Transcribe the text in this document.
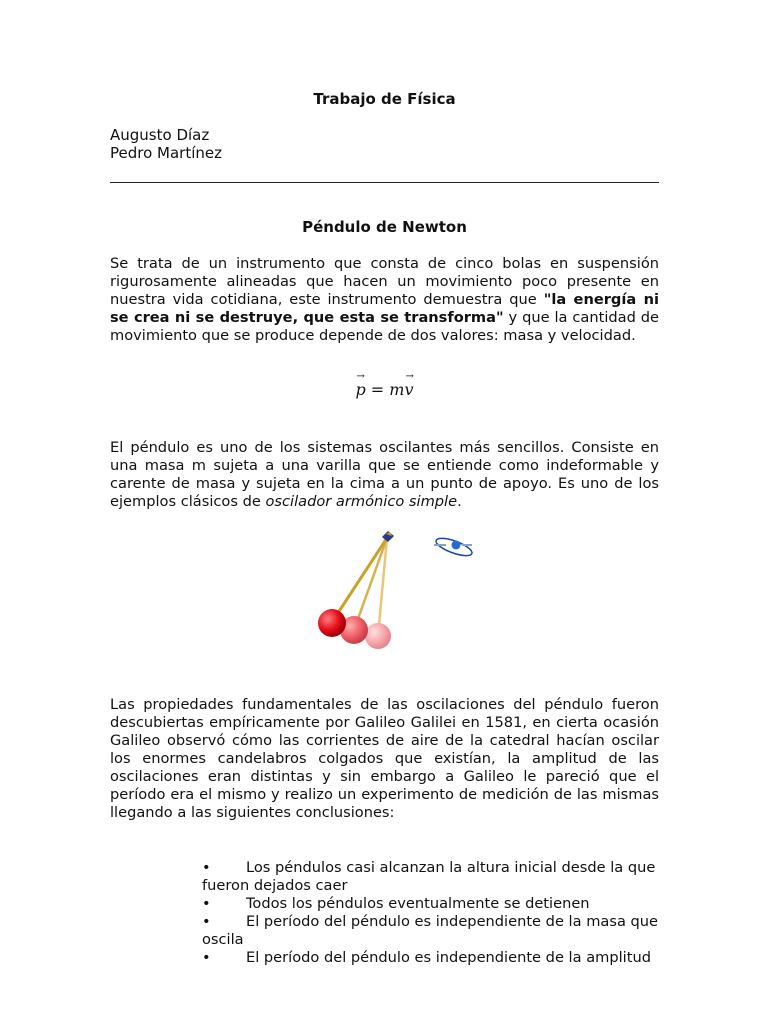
Trabajo de Física
Augusto Díaz
Pedro Martínez
Péndulo de Newton

Se trata de un instrumento que consta de cinco bolas en suspensión rigurosamente alineadas que hacen un movimiento poco presente en nuestra vida cotidiana, este instrumento demuestra que "la energía ni se crea ni se destruye, que esta se transforma" y que la cantidad de movimiento que se produce depende de dos valores: masa y velocidad.

→ p = m→ v

El péndulo es uno de los sistemas oscilantes más sencillos. Consiste en una masa m sujeta a una varilla que se entiende como indeformable y carente de masa y sujeta en la cima a un punto de apoyo. Es uno de los ejemplos clásicos de oscilador armónico simple.

Las propiedades fundamentales de las oscilaciones del péndulo fueron descubiertas empíricamente por Galileo Galilei en 1581, en cierta ocasión Galileo observó cómo las corrientes de aire de la catedral hacían oscilar los enormes candelabros colgados que existían, la amplitud de las oscilaciones eran distintas y sin embargo a Galileo le pareció que el período era el mismo y realizo un experimento de medición de las mismas llegando a las siguientes conclusiones:

• Los péndulos casi alcanzan la altura inicial desde la que fueron dejados caer
• Todos los péndulos eventualmente se detienen
• El período del péndulo es independiente de la masa que oscila
• El período del péndulo es independiente de la amplitud
